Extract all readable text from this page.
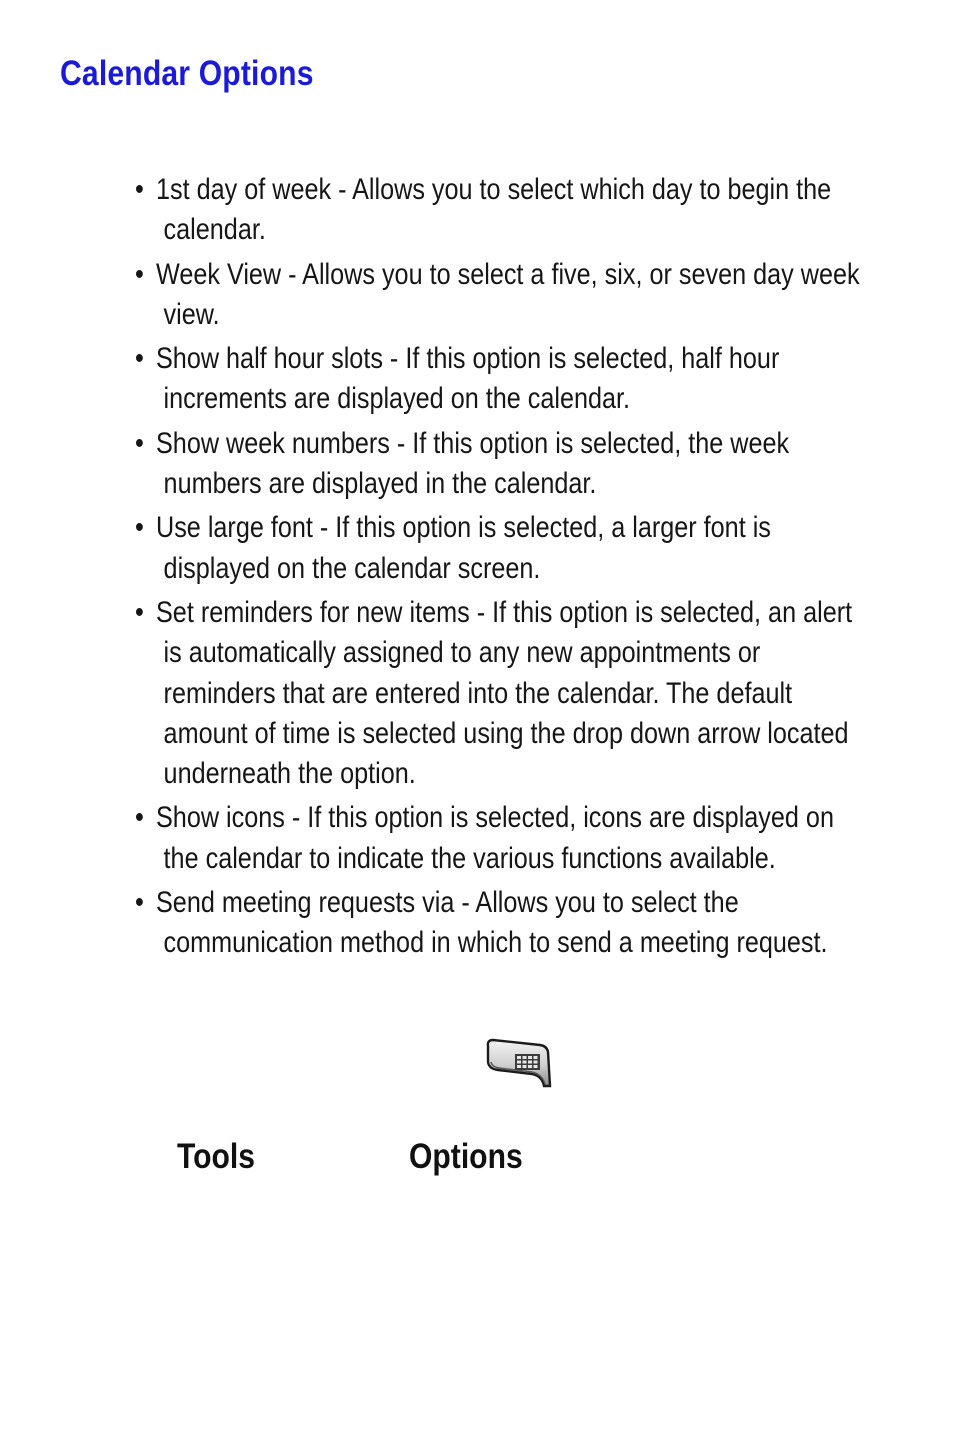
Calendar Options
• 1st day of week - Allows you to select which day to begin the calendar.
• Week View - Allows you to select a five, six, or seven day week view.
• Show half hour slots - If this option is selected, half hour increments are displayed on the calendar.
• Show week numbers - If this option is selected, the week numbers are displayed in the calendar.
• Use large font - If this option is selected, a larger font is displayed on the calendar screen.
• Set reminders for new items - If this option is selected, an alert is automatically assigned to any new appointments or reminders that are entered into the calendar. The default amount of time is selected using the drop down arrow located underneath the option.
• Show icons - If this option is selected, icons are displayed on the calendar to indicate the various functions available.
• Send meeting requests via - Allows you to select the communication method in which to send a meeting request.

Tools	Options
